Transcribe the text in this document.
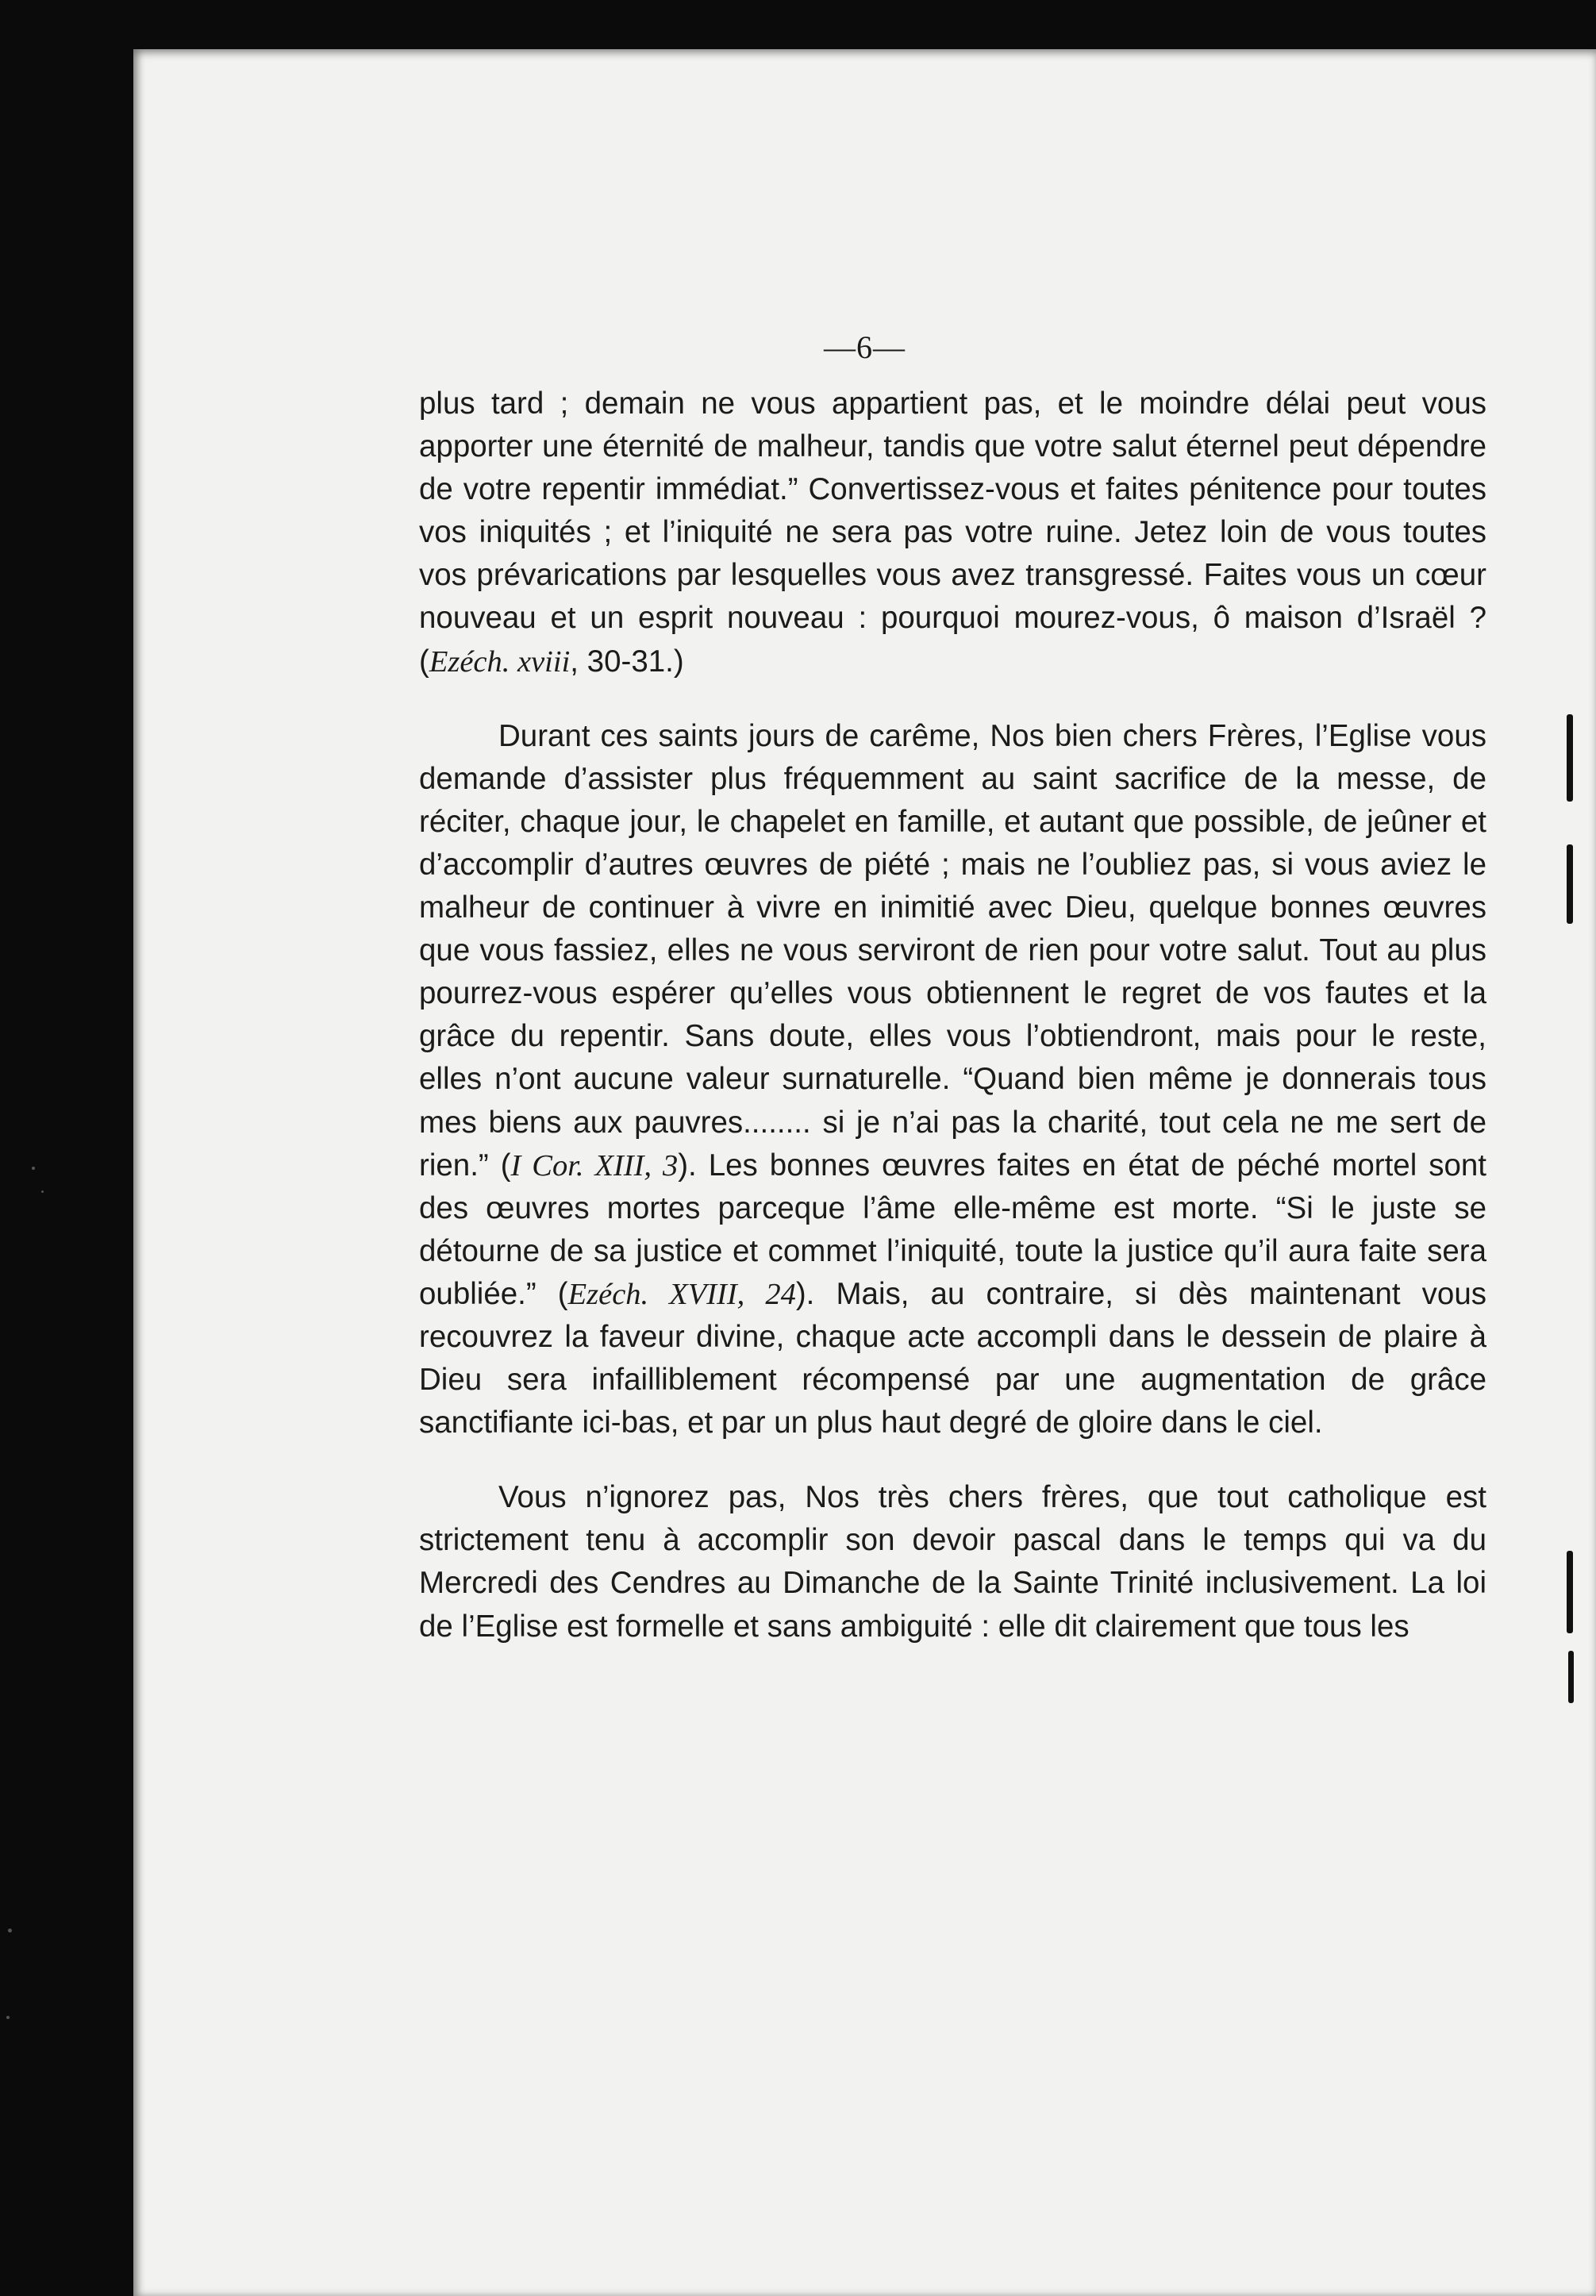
—6—

plus tard ; demain ne vous appartient pas, et le moindre délai peut vous apporter une éternité de malheur, tandis que votre salut éternel peut dépendre de votre repentir immédiat.” Convertissez-vous et faites pénitence pour toutes vos iniquités ; et l’iniquité ne sera pas votre ruine. Jetez loin de vous toutes vos prévarications par lesquelles vous avez transgressé. Faites vous un cœur nouveau et un esprit nouveau : pourquoi mourez-vous, ô maison d’Israël ? (Ezéch. xviii, 30-31.)

Durant ces saints jours de carême, Nos bien chers Frères, l’Eglise vous demande d’assister plus fréquemment au saint sacrifice de la messe, de réciter, chaque jour, le chapelet en famille, et autant que possible, de jeûner et d’accomplir d’autres œuvres de piété ; mais ne l’oubliez pas, si vous aviez le malheur de continuer à vivre en inimitié avec Dieu, quelque bonnes œuvres que vous fassiez, elles ne vous serviront de rien pour votre salut. Tout au plus pourrez-vous espérer qu’elles vous obtiennent le regret de vos fautes et la grâce du repentir. Sans doute, elles vous l’obtiendront, mais pour le reste, elles n’ont aucune valeur surnaturelle. “Quand bien même je donnerais tous mes biens aux pauvres........ si je n’ai pas la charité, tout cela ne me sert de rien.” (I Cor. XIII, 3). Les bonnes œuvres faites en état de péché mortel sont des œuvres mortes parceque l’âme elle-même est morte. “Si le juste se détourne de sa justice et commet l’iniquité, toute la justice qu’il aura faite sera oubliée.” (Ezéch. XVIII, 24). Mais, au contraire, si dès maintenant vous recouvrez la faveur divine, chaque acte accompli dans le dessein de plaire à Dieu sera infailliblement récompensé par une augmentation de grâce sanctifiante ici-bas, et par un plus haut degré de gloire dans le ciel.

Vous n’ignorez pas, Nos très chers frères, que tout catholique est strictement tenu à accomplir son devoir pascal dans le temps qui va du Mercredi des Cendres au Dimanche de la Sainte Trinité inclusivement. La loi de l’Eglise est formelle et sans ambiguité : elle dit clairement que tous les
